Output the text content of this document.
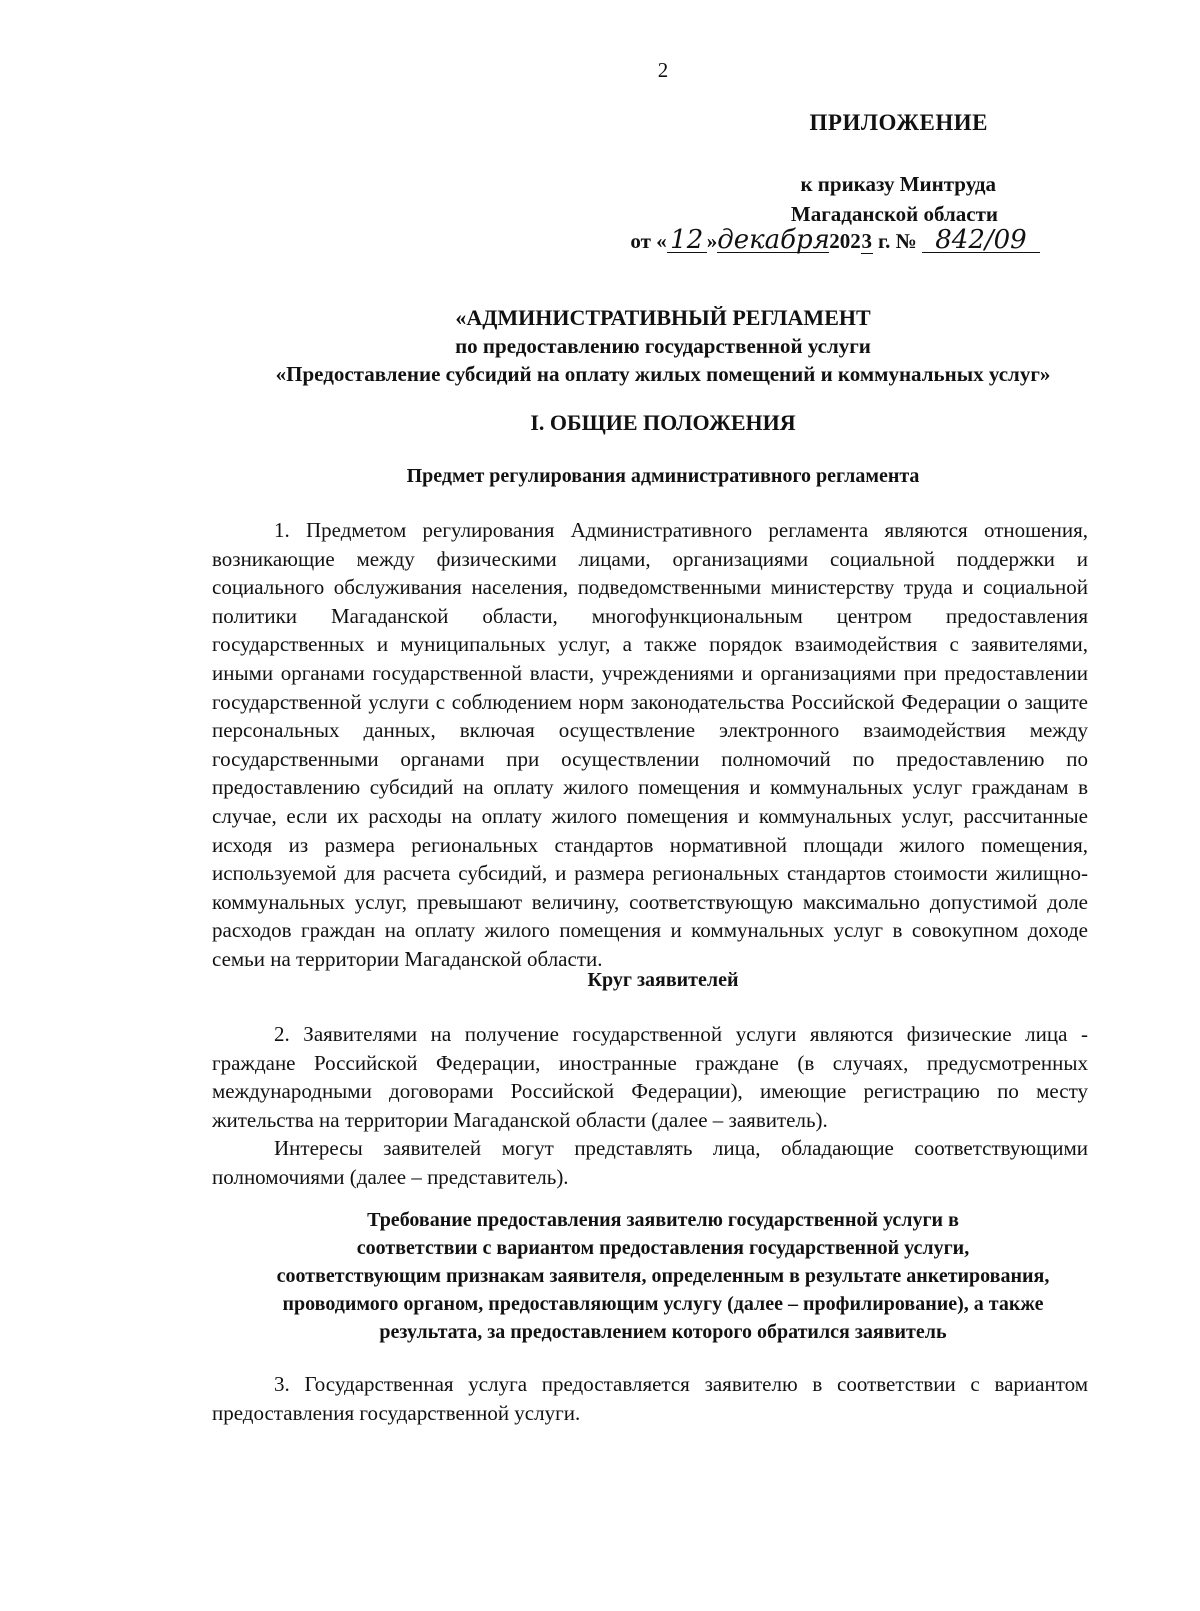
2
ПРИЛОЖЕНИЕ
к приказу Минтруда
Магаданской области
от « 12 »декабря2023 г. № 842/09
«АДМИНИСТРАТИВНЫЙ РЕГЛАМЕНТ
по предоставлению государственной услуги
«Предоставление субсидий на оплату жилых помещений и коммунальных услуг»
I. ОБЩИЕ ПОЛОЖЕНИЯ
Предмет регулирования административного регламента

1. Предметом регулирования Административного регламента являются отношения, возникающие между физическими лицами, организациями социальной поддержки и социального обслуживания населения, подведомственными министерству труда и социальной политики Магаданской области, многофункциональным центром предоставления государственных и муниципальных услуг, а также порядок взаимодействия с заявителями, иными органами государственной власти, учреждениями и организациями при предоставлении государственной услуги с соблюдением норм законодательства Российской Федерации о защите персональных данных, включая осуществление электронного взаимодействия между государственными органами при осуществлении полномочий по предоставлению по предоставлению субсидий на оплату жилого помещения и коммунальных услуг гражданам в случае, если их расходы на оплату жилого помещения и коммунальных услуг, рассчитанные исходя из размера региональных стандартов нормативной площади жилого помещения, используемой для расчета субсидий, и размера региональных стандартов стоимости жилищно-коммунальных услуг, превышают величину, соответствующую максимально допустимой доле расходов граждан на оплату жилого помещения и коммунальных услуг в совокупном доходе семьи на территории Магаданской области.

Круг заявителей

2. Заявителями на получение государственной услуги являются физические лица - граждане Российской Федерации, иностранные граждане (в случаях, предусмотренных международными договорами Российской Федерации), имеющие регистрацию по месту жительства на территории Магаданской области (далее – заявитель).

Интересы заявителей могут представлять лица, обладающие соответствующими полномочиями (далее – представитель).

Требование предоставления заявителю государственной услуги в
соответствии с вариантом предоставления государственной услуги,
соответствующим признакам заявителя, определенным в результате анкетирования,
проводимого органом, предоставляющим услугу (далее – профилирование), а также
результата, за предоставлением которого обратился заявитель

3. Государственная услуга предоставляется заявителю в соответствии с вариантом предоставления государственной услуги.
